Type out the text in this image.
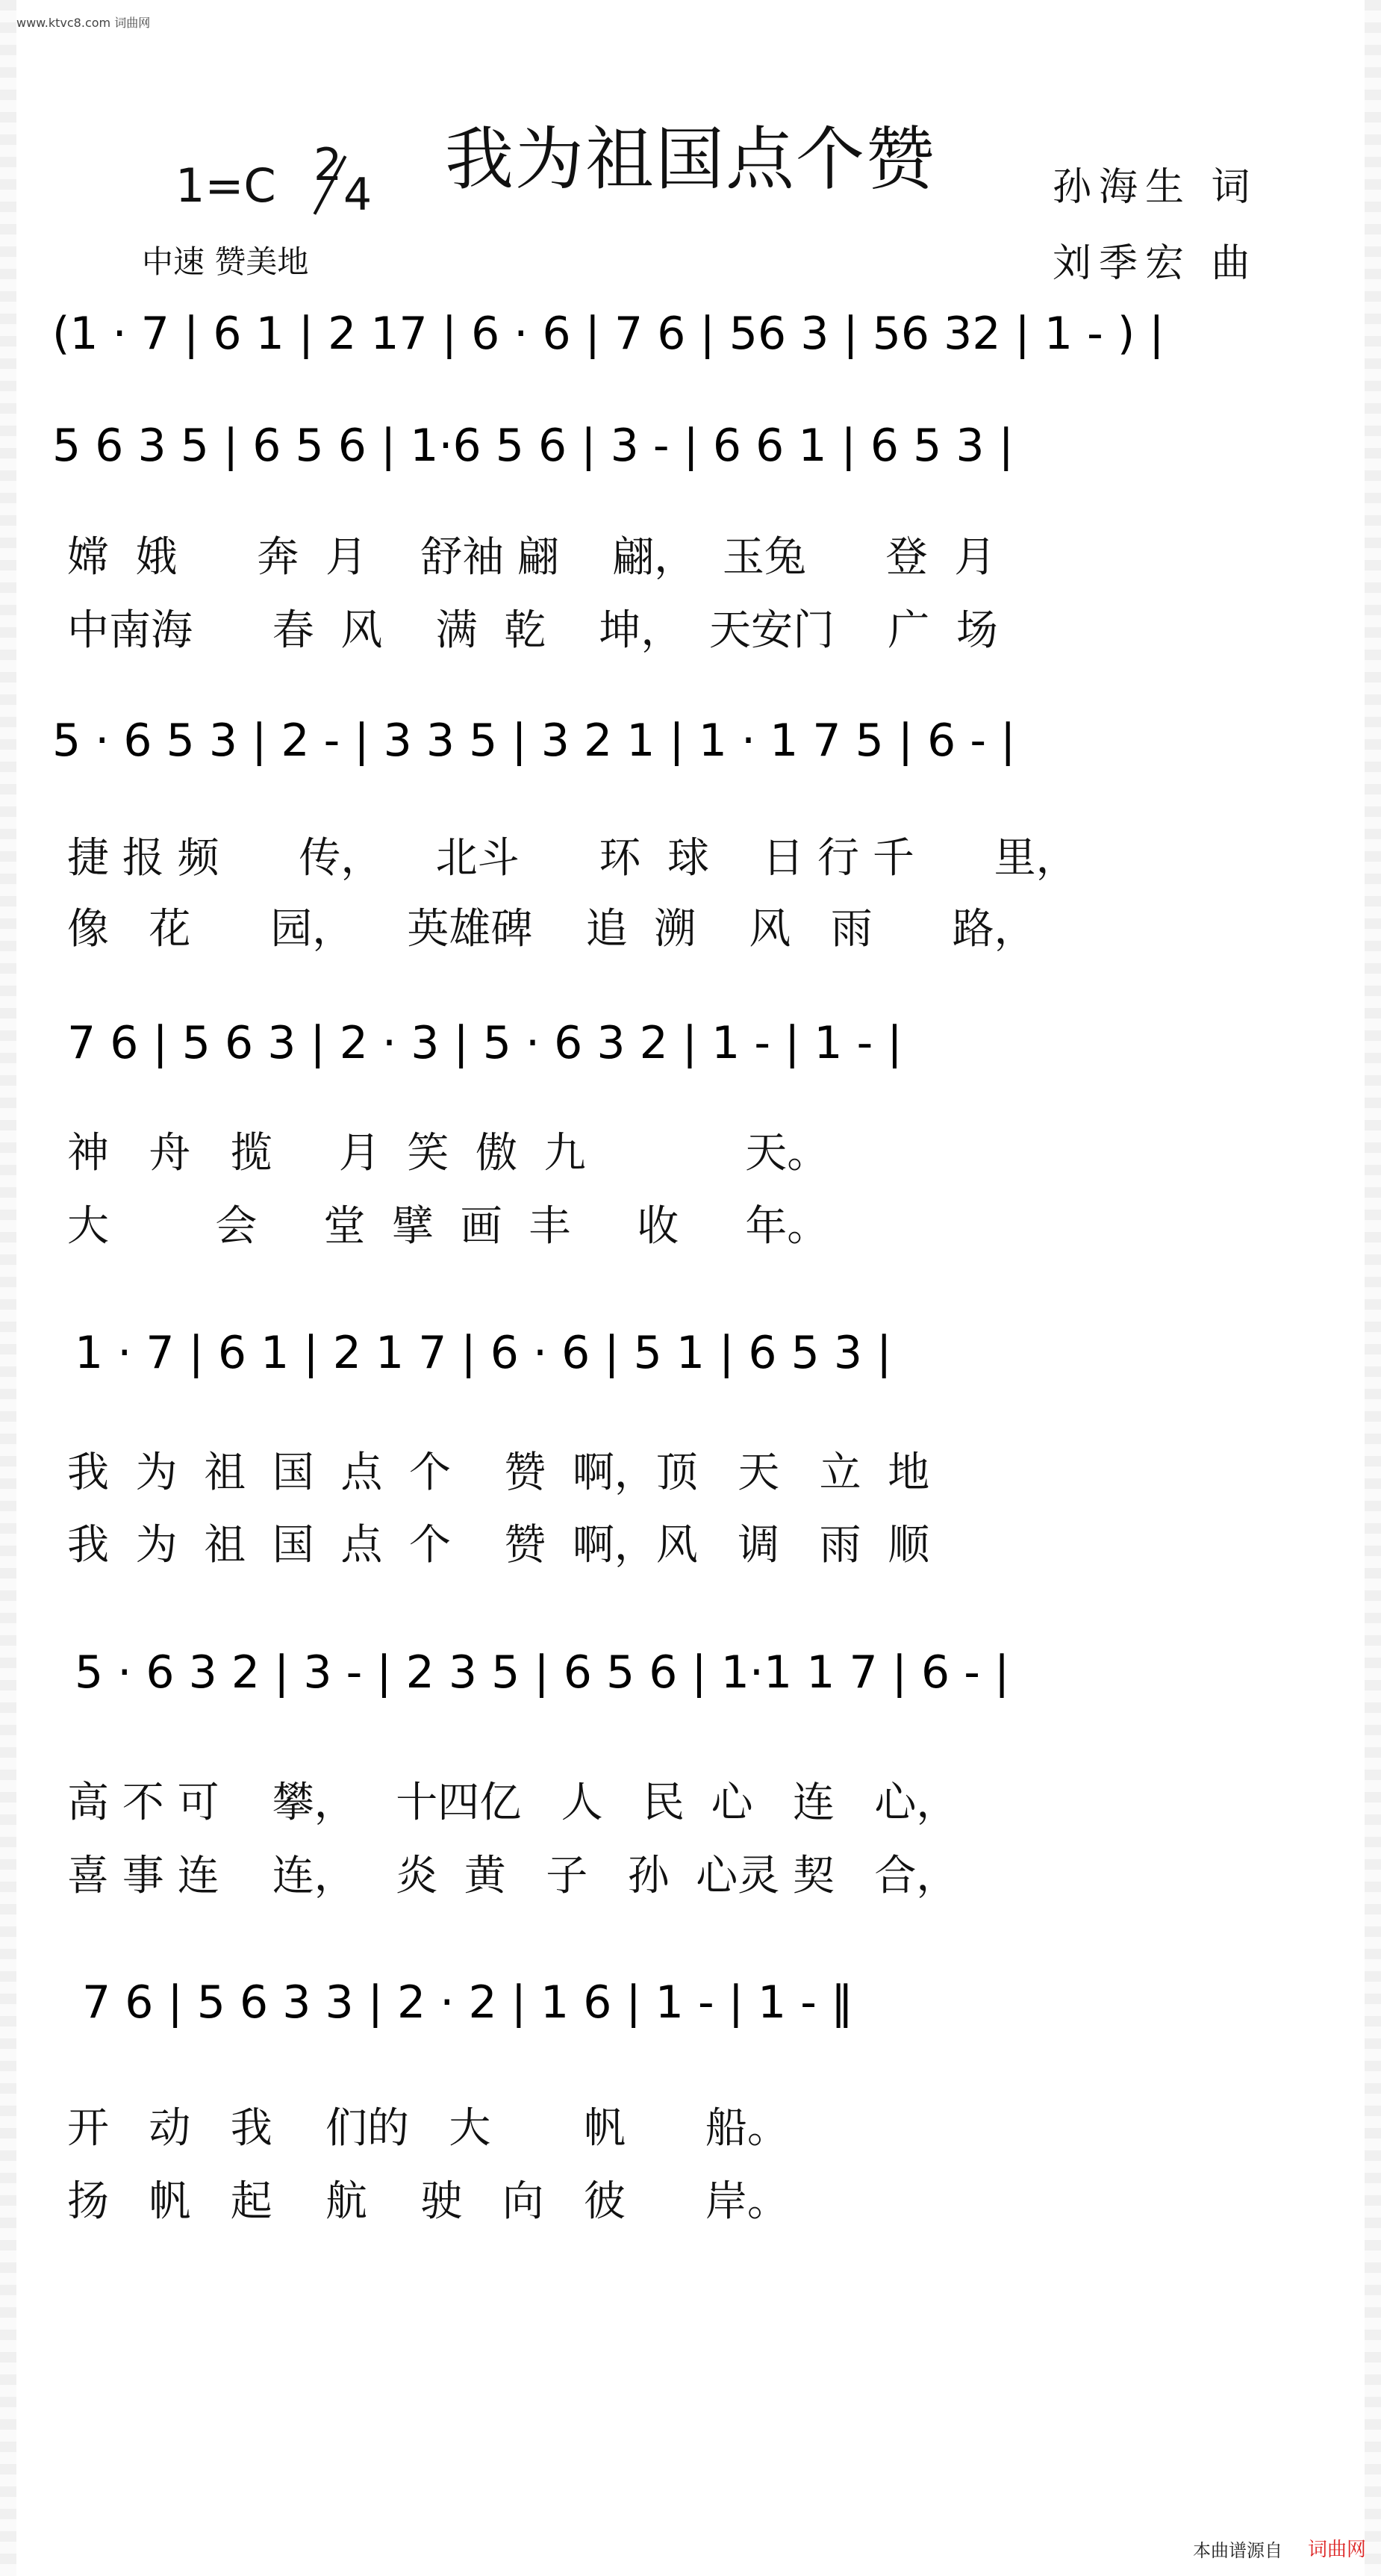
www.ktvc8.com 词曲网
我为祖国点个赞
1=C 2
4
中速 赞美地
孙海生 词
刘季宏 曲
(1 · 7 | 6 1 | 2 17 | 6 · 6 | 7 6 | 56 3 | 56 32 | 1 - ) |
5 6 3 5 | 6 5 6 | 1·6 5 6 | 3 - | 6 6 1 | 6 5 3 |
5 · 6 5 3 | 2 - | 3 3 5 | 3 2 1 | 1 · 1 7 5 | 6 - |
7 6 | 5 6 3 | 2 · 3 | 5 · 6 3 2 | 1 - | 1 - |
1 · 7 | 6 1 | 2 1 7 | 6 · 6 | 5 1 | 6 5 3 |
5 · 6 3 2 | 3 - | 2 3 5 | 6 5 6 | 1·1 1 7 | 6 - |
7 6 | 5 6 3 3 | 2 · 2 | 1 6 | 1 - | 1 - ‖
嫦  娥      奔  月    舒袖 翩    翩，  玉兔      登  月
中南海      春  风    满  乾    坤，  天安门    广  场
捷 报 频      传，    北斗      环  球    日 行 千      里，
像   花      园，    英雄碑    追  溯    风   雨      路，
神   舟   揽     月  笑  傲  九            天。
大        会     堂  擘  画  丰     收     年。
我  为  祖  国  点  个    赞  啊，顶   天   立  地
我  为  祖  国  点  个    赞  啊，风   调   雨  顺
高 不 可    攀，   十四亿   人   民  心   连   心，
喜 事 连    连，   炎  黄   子   孙  心灵 契   合，
开   动   我    们的   大       帆      船。
扬   帆   起    航    驶   向   彼      岸。
本曲谱源自 词曲网
